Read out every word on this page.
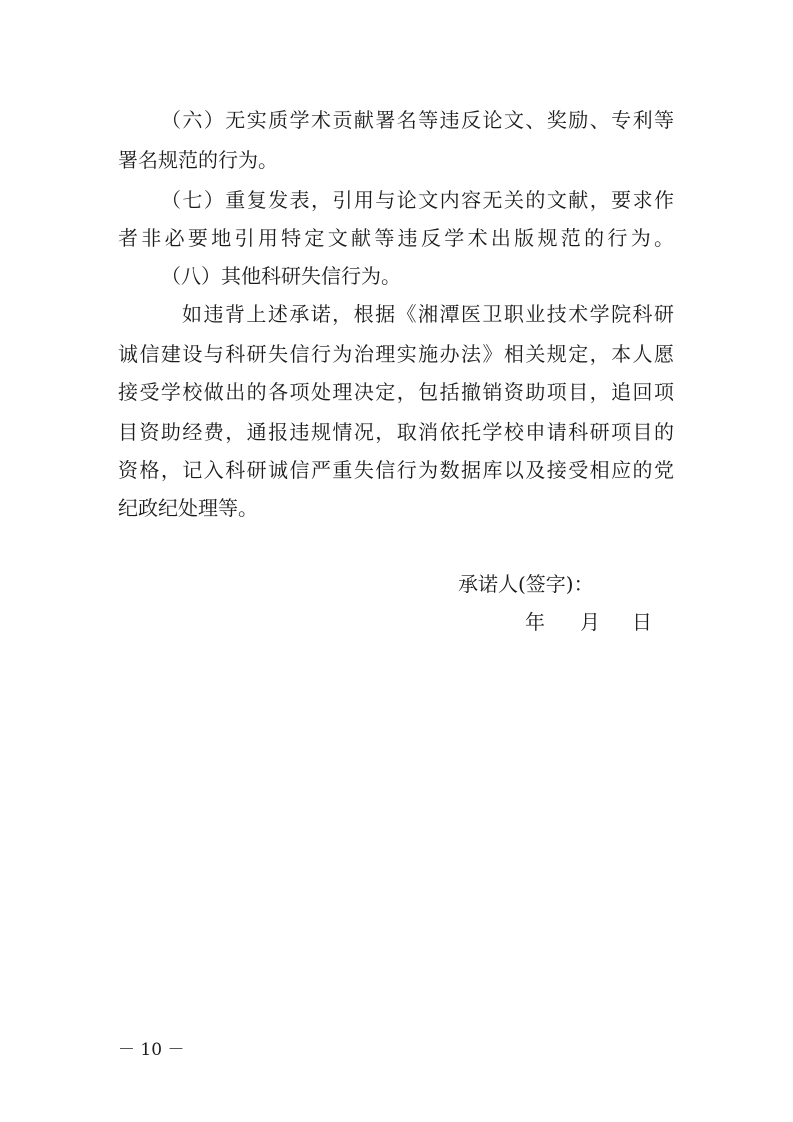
（六）无实质学术贡献署名等违反论文、奖励、专利等
署名规范的行为。
（七）重复发表，引用与论文内容无关的文献，要求作
者非必要地引用特定文献等违反学术出版规范的行为。
（八）其他科研失信行为。
如违背上述承诺，根据《湘潭医卫职业技术学院科研
诚信建设与科研失信行为治理实施办法》相关规定，本人愿
接受学校做出的各项处理决定，包括撤销资助项目，追回项
目资助经费，通报违规情况，取消依托学校申请科研项目的
资格，记入科研诚信严重失信行为数据库以及接受相应的党
纪政纪处理等。
承诺人(签字)：
年 月 日
－ 10 －
